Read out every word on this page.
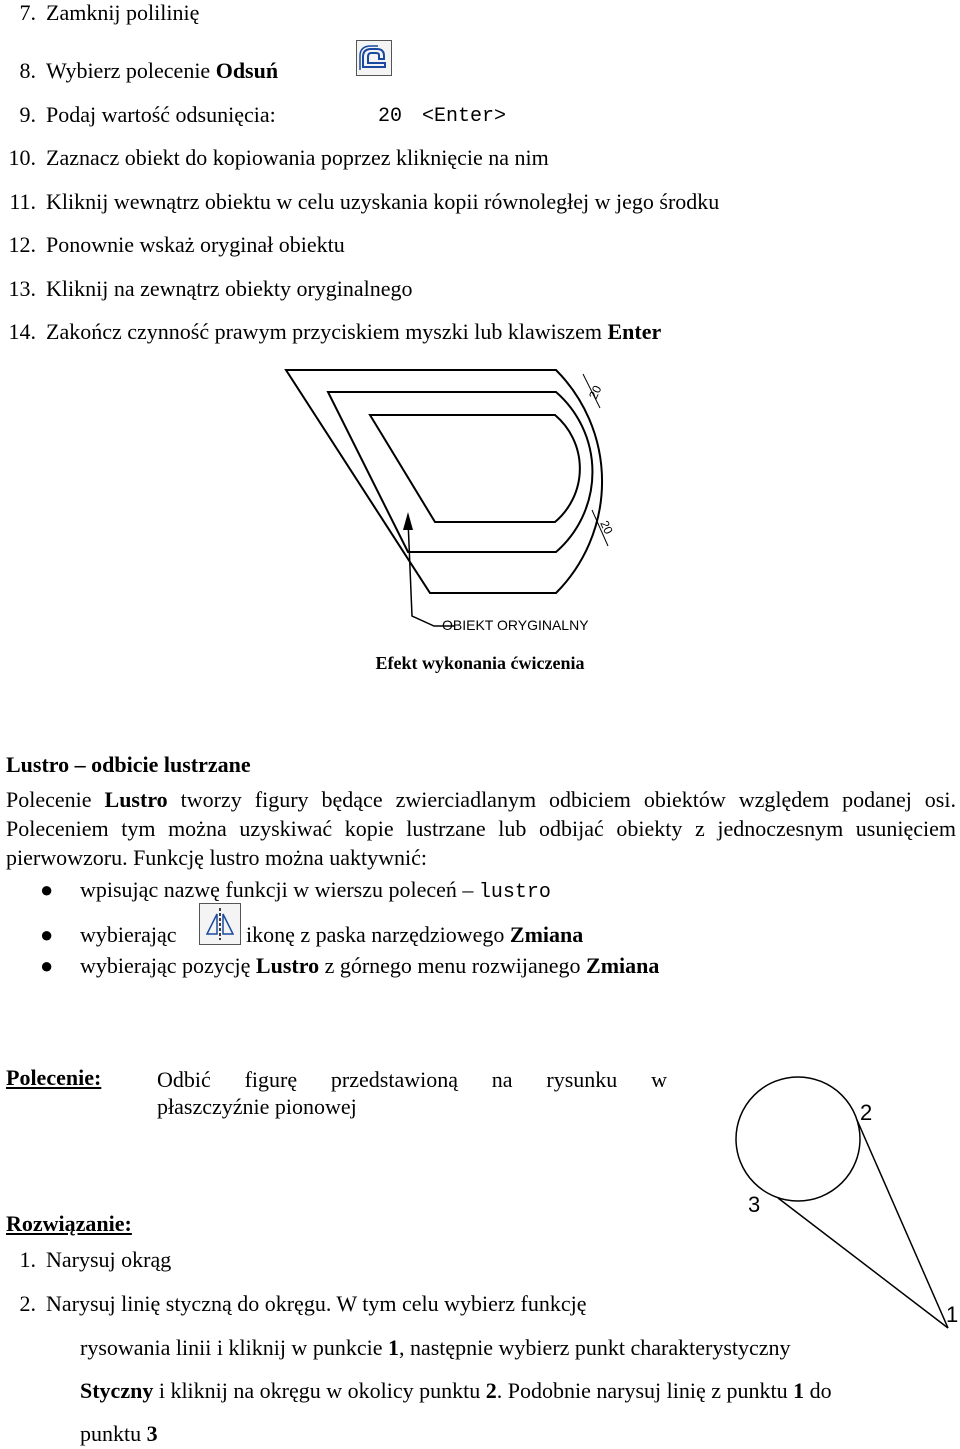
7. Zamknij polilinię
8. Wybierz polecenie Odsuń
9. Podaj wartość odsunięcia:	20 <Enter>
10. Zaznacz obiekt do kopiowania poprzez kliknięcie na nim
11. Kliknij wewnątrz obiektu w celu uzyskania kopii równoległej w jego środku
12. Ponownie wskaż oryginał obiektu
13. Kliknij na zewnątrz obiekty oryginalnego
14. Zakończ czynność prawym przyciskiem myszki lub klawiszem Enter
20
20
OBIEKT ORYGINALNY
Efekt wykonania ćwiczenia
Lustro – odbicie lustrzane
Polecenie Lustro tworzy figury będące zwierciadlanym odbiciem obiektów względem podanej osi. Poleceniem tym można uzyskiwać kopie lustrzane lub odbijać obiekty z jednoczesnym usunięciem pierwowzoru. Funkcję lustro można uaktywnić:
● wpisując nazwę funkcji w wierszu poleceń – lustro
● wybierając	ikonę z paska narzędziowego Zmiana
● wybierając pozycję Lustro z górnego menu rozwijanego Zmiana
Polecenie:	Odbić figurę przedstawioną na rysunku w
płaszczyźnie pionowej	2
3
1
Rozwiązanie:
1. Narysuj okrąg
2. Narysuj linię styczną do okręgu. W tym celu wybierz funkcję
rysowania linii i kliknij w punkcie 1, następnie wybierz punkt charakterystyczny
Styczny i kliknij na okręgu w okolicy punktu 2. Podobnie narysuj linię z punktu 1 do
punktu 3
